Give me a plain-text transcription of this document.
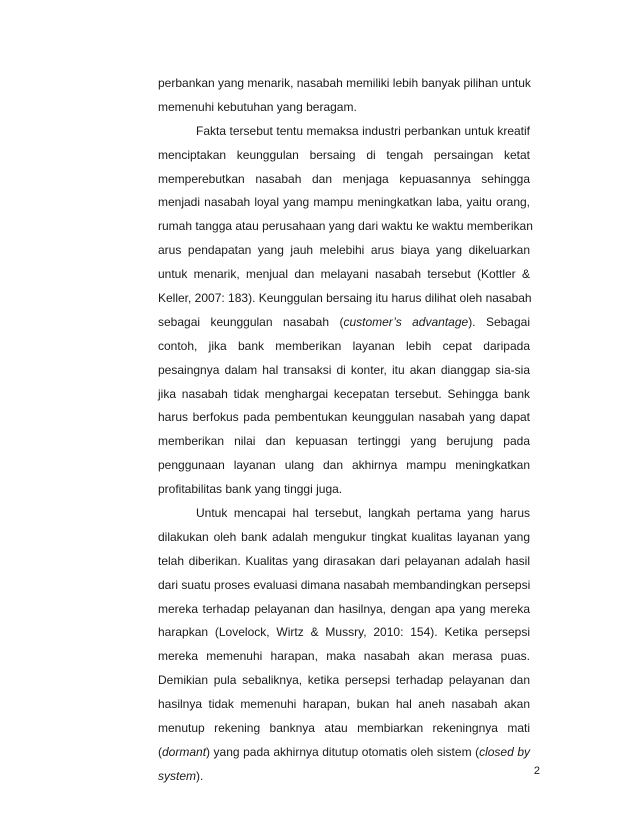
perbankan yang menarik, nasabah memiliki lebih banyak pilihan untuk
memenuhi kebutuhan yang beragam.
Fakta tersebut tentu memaksa industri perbankan untuk kreatif
menciptakan keunggulan bersaing di tengah persaingan ketat
memperebutkan nasabah dan menjaga kepuasannya sehingga
menjadi nasabah loyal yang mampu meningkatkan laba, yaitu orang,
rumah tangga atau perusahaan yang dari waktu ke waktu memberikan
arus pendapatan yang jauh melebihi arus biaya yang dikeluarkan
untuk menarik, menjual dan melayani nasabah tersebut (Kottler &
Keller, 2007: 183). Keunggulan bersaing itu harus dilihat oleh nasabah
sebagai keunggulan nasabah (customer’s advantage). Sebagai
contoh, jika bank memberikan layanan lebih cepat daripada
pesaingnya dalam hal transaksi di konter, itu akan dianggap sia-sia
jika nasabah tidak menghargai kecepatan tersebut. Sehingga bank
harus berfokus pada pembentukan keunggulan nasabah yang dapat
memberikan nilai dan kepuasan tertinggi yang berujung pada
penggunaan layanan ulang dan akhirnya mampu meningkatkan
profitabilitas bank yang tinggi juga.
Untuk mencapai hal tersebut, langkah pertama yang harus
dilakukan oleh bank adalah mengukur tingkat kualitas layanan yang
telah diberikan. Kualitas yang dirasakan dari pelayanan adalah hasil
dari suatu proses evaluasi dimana nasabah membandingkan persepsi
mereka terhadap pelayanan dan hasilnya, dengan apa yang mereka
harapkan (Lovelock, Wirtz & Mussry, 2010: 154). Ketika persepsi
mereka memenuhi harapan, maka nasabah akan merasa puas.
Demikian pula sebaliknya, ketika persepsi terhadap pelayanan dan
hasilnya tidak memenuhi harapan, bukan hal aneh nasabah akan
menutup rekening banknya atau membiarkan rekeningnya mati
(dormant) yang pada akhirnya ditutup otomatis oleh sistem (closed by
system).	2
